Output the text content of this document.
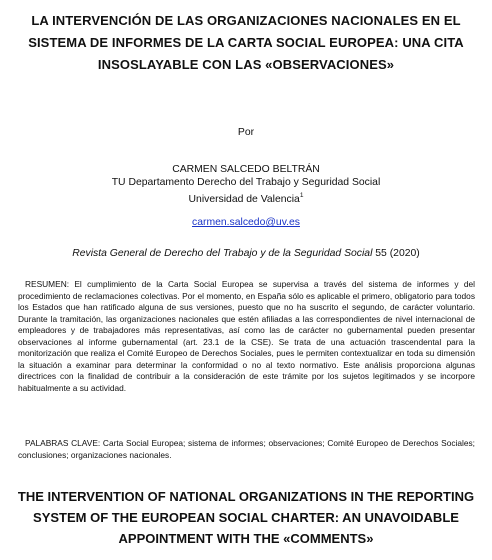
LA INTERVENCIÓN DE LAS ORGANIZACIONES NACIONALES EN EL SISTEMA DE INFORMES DE LA CARTA SOCIAL EUROPEA: UNA CITA INSOSLAYABLE CON LAS «OBSERVACIONES»
Por
CARMEN SALCEDO BELTRÁN
TU Departamento Derecho del Trabajo y Seguridad Social
Universidad de Valencia$^1$
carmen.salcedo@uv.es
Revista General de Derecho del Trabajo y de la Seguridad Social 55 (2020)
RESUMEN: El cumplimiento de la Carta Social Europea se supervisa a través del sistema de informes y del procedimiento de reclamaciones colectivas. Por el momento, en España sólo es aplicable el primero, obligatorio para todos los Estados que han ratificado alguna de sus versiones, puesto que no ha suscrito el segundo, de carácter voluntario. Durante la tramitación, las organizaciones nacionales que estén afiliadas a las correspondientes de nivel internacional de empleadores y de trabajadores más representativas, así como las de carácter no gubernamental pueden presentar observaciones al informe gubernamental (art. 23.1 de la CSE). Se trata de una actuación trascendental para la monitorización que realiza el Comité Europeo de Derechos Sociales, pues le permiten contextualizar en toda su dimensión la situación a examinar para determinar la conformidad o no al texto normativo. Este análisis proporciona algunas directrices con la finalidad de contribuir a la consideración de este trámite por los sujetos legitimados y se incorpore habitualmente a su actividad.
PALABRAS CLAVE: Carta Social Europea; sistema de informes; observaciones; Comité Europeo de Derechos Sociales; conclusiones; organizaciones nacionales.
THE INTERVENTION OF NATIONAL ORGANIZATIONS IN THE REPORTING SYSTEM OF THE EUROPEAN SOCIAL CHARTER: AN UNAVOIDABLE APPOINTMENT WITH THE «COMMENTS»
